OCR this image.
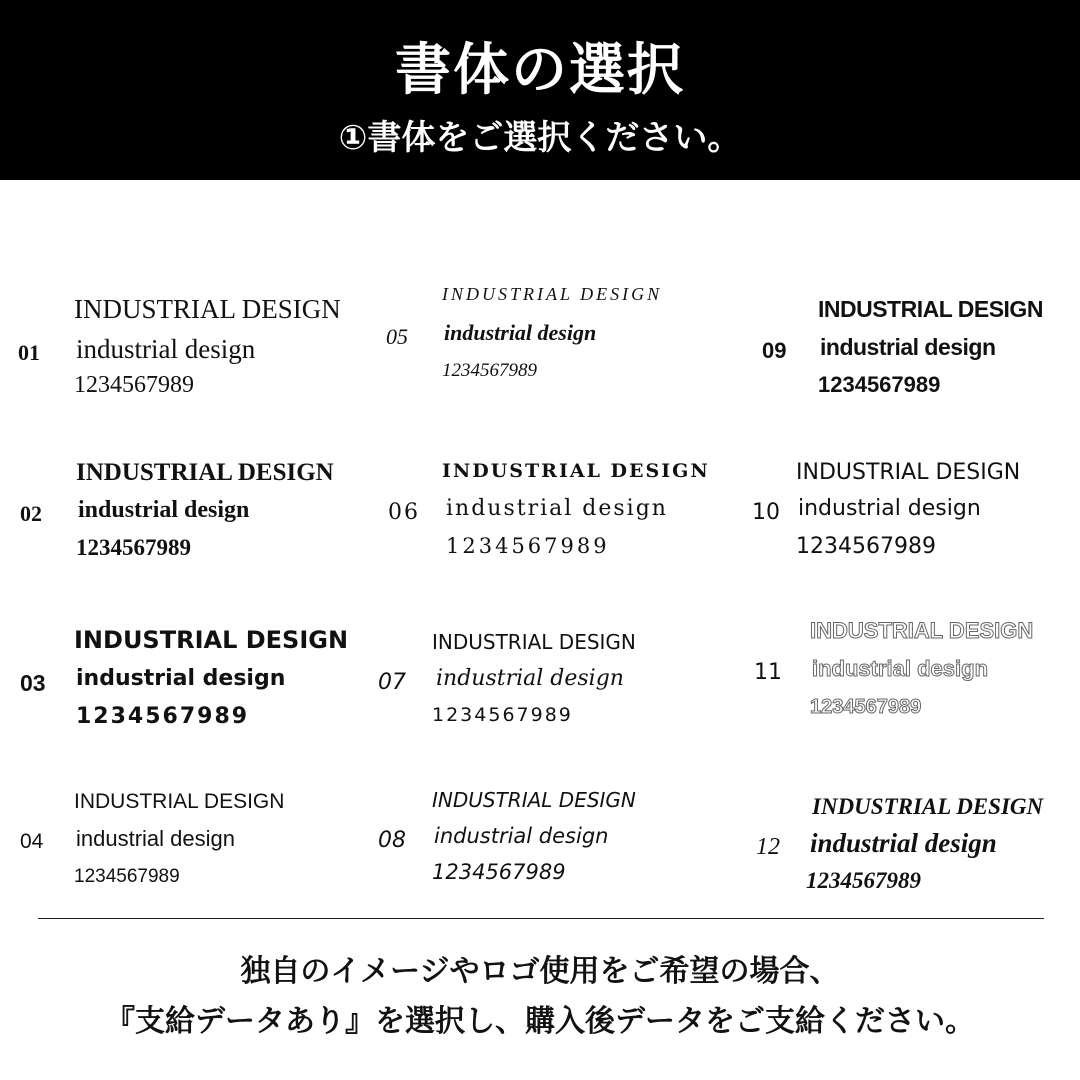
書体の選択
①書体をご選択ください。
01
INDUSTRIAL DESIGN
industrial design
1234567989
02
INDUSTRIAL DESIGN
industrial design
1234567989
03
INDUSTRIAL DESIGN
industrial design
1234567989
04
INDUSTRIAL DESIGN
industrial design
1234567989
05
INDUSTRIAL DESIGN
industrial design
1234567989
06
INDUSTRIAL DESIGN
industrial design
1234567989
07
INDUSTRIAL DESIGN
industrial design
1234567989
08
INDUSTRIAL DESIGN
industrial design
1234567989
09
INDUSTRIAL DESIGN
industrial design
1234567989
10
INDUSTRIAL DESIGN
industrial design
1234567989
11
INDUSTRIAL DESIGN
industrial design
1234567989
12
INDUSTRIAL DESIGN
industrial design
1234567989
独自のイメージやロゴ使用をご希望の場合、
『支給データあり』を選択し、購入後データをご支給ください。
